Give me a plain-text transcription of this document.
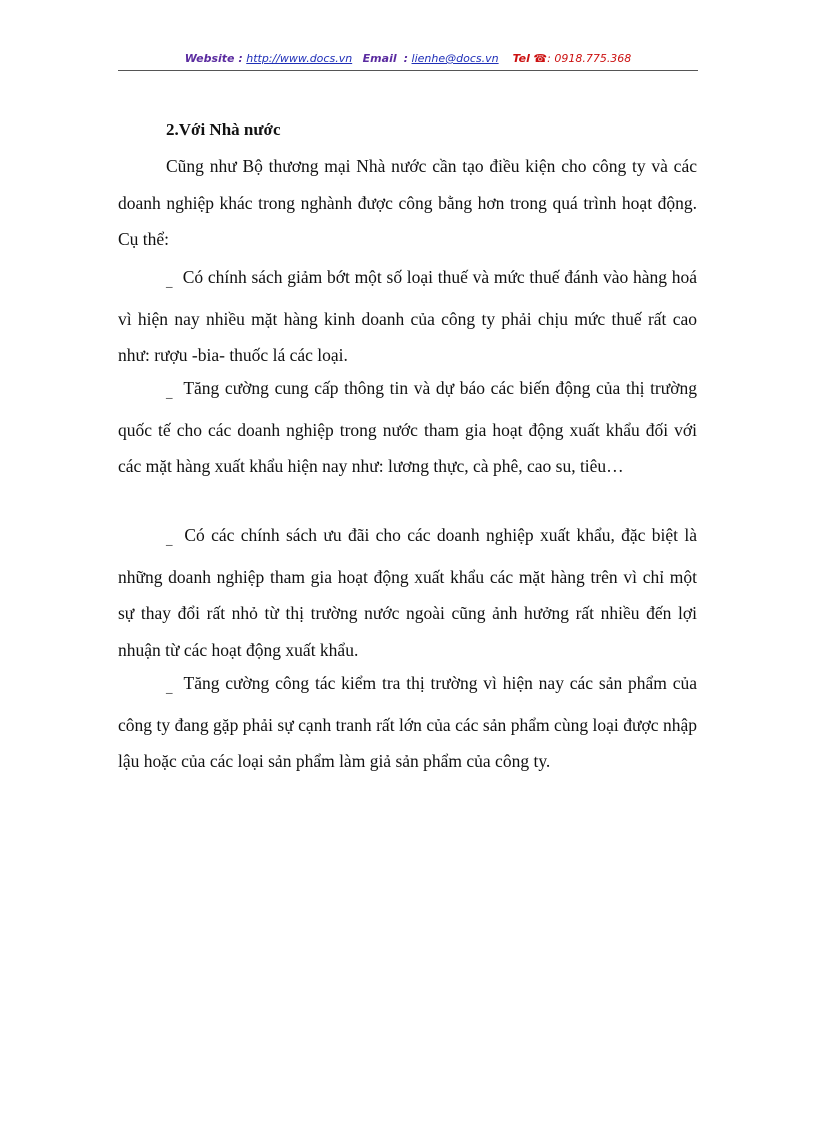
Website : http://www.docs.vn Email : lienhe@docs.vn Tel ☎: 0918.775.368
2.Với Nhà nước

Cũng như Bộ thương mại Nhà nước cần tạo điều kiện cho công ty và các doanh nghiệp khác trong nghành được công bằng hơn trong quá trình hoạt động. Cụ thể:

_ Có chính sách giảm bớt một số loại thuế và mức thuế đánh vào hàng hoá vì hiện nay nhiều mặt hàng kinh doanh của công ty phải chịu mức thuế rất cao như: rượu -bia- thuốc lá các loại.

_ Tăng cường cung cấp thông tin và dự báo các biến động của thị trường quốc tế cho các doanh nghiệp trong nước tham gia hoạt động xuất khẩu đối với các mặt hàng xuất khẩu hiện nay như: lương thực, cà phê, cao su, tiêu…

_ Có các chính sách ưu đãi cho các doanh nghiệp xuất khẩu, đặc biệt là những doanh nghiệp tham gia hoạt động xuất khẩu các mặt hàng trên vì chỉ một sự thay đổi rất nhỏ từ thị trường nước ngoài cũng ảnh hưởng rất nhiều đến lợi nhuận từ các hoạt động xuất khẩu.

_ Tăng cường công tác kiểm tra thị trường vì hiện nay các sản phẩm của công ty đang gặp phải sự cạnh tranh rất lớn của các sản phẩm cùng loại được nhập lậu hoặc của các loại sản phẩm làm giả sản phẩm của công ty.
